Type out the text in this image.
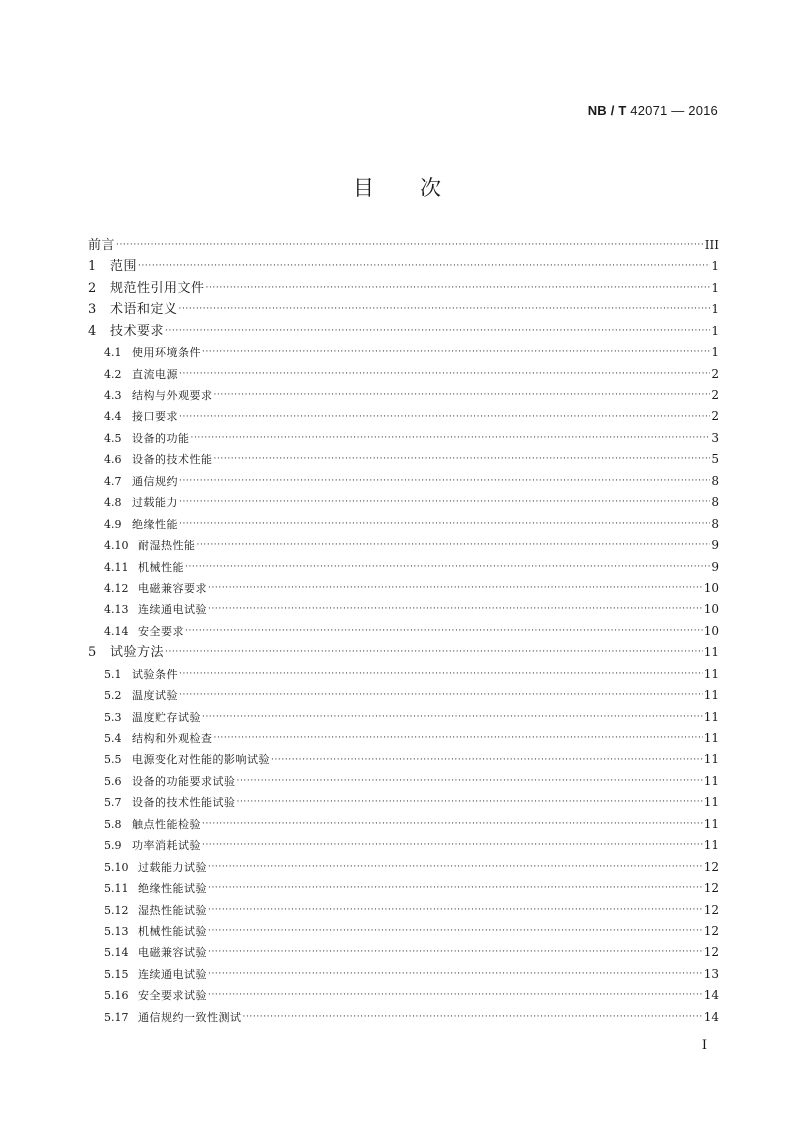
NB / T 42071 — 2016
目 次
前言 ·····	III
1	范围 ·····	1
2	规范性引用文件 ·····	1
3	术语和定义 ·····	1
4	技术要求 ·····	1
4.1 使用环境条件 ·····	1
4.2 直流电源 ·····	2
4.3 结构与外观要求 ·····	2
4.4 接口要求 ·····	2
4.5 设备的功能 ·····	3
4.6 设备的技术性能 ·····	5
4.7 通信规约 ·····	8
4.8 过载能力 ·····	8
4.9 绝缘性能 ·····	8
4.10 耐湿热性能 ·····	9
4.11 机械性能 ·····	9
4.12 电磁兼容要求 ·····	10
4.13 连续通电试验 ·····	10
4.14 安全要求 ·····	10
5	试验方法 ·····	11
5.1 试验条件 ·····	11
5.2 温度试验 ·····	11
5.3 温度贮存试验 ·····	11
5.4 结构和外观检查 ·····	11
5.5 电源变化对性能的影响试验 ·····	11
5.6 设备的功能要求试验 ·····	11
5.7 设备的技术性能试验 ·····	11
5.8 触点性能检验 ·····	11
5.9 功率消耗试验 ·····	11
5.10 过载能力试验 ·····	12
5.11 绝缘性能试验 ·····	12
5.12 湿热性能试验 ·····	12
5.13 机械性能试验 ·····	12
5.14 电磁兼容试验 ·····	12
5.15 连续通电试验 ·····	13
5.16 安全要求试验 ·····	14
5.17 通信规约一致性测试 ·····	14
I
